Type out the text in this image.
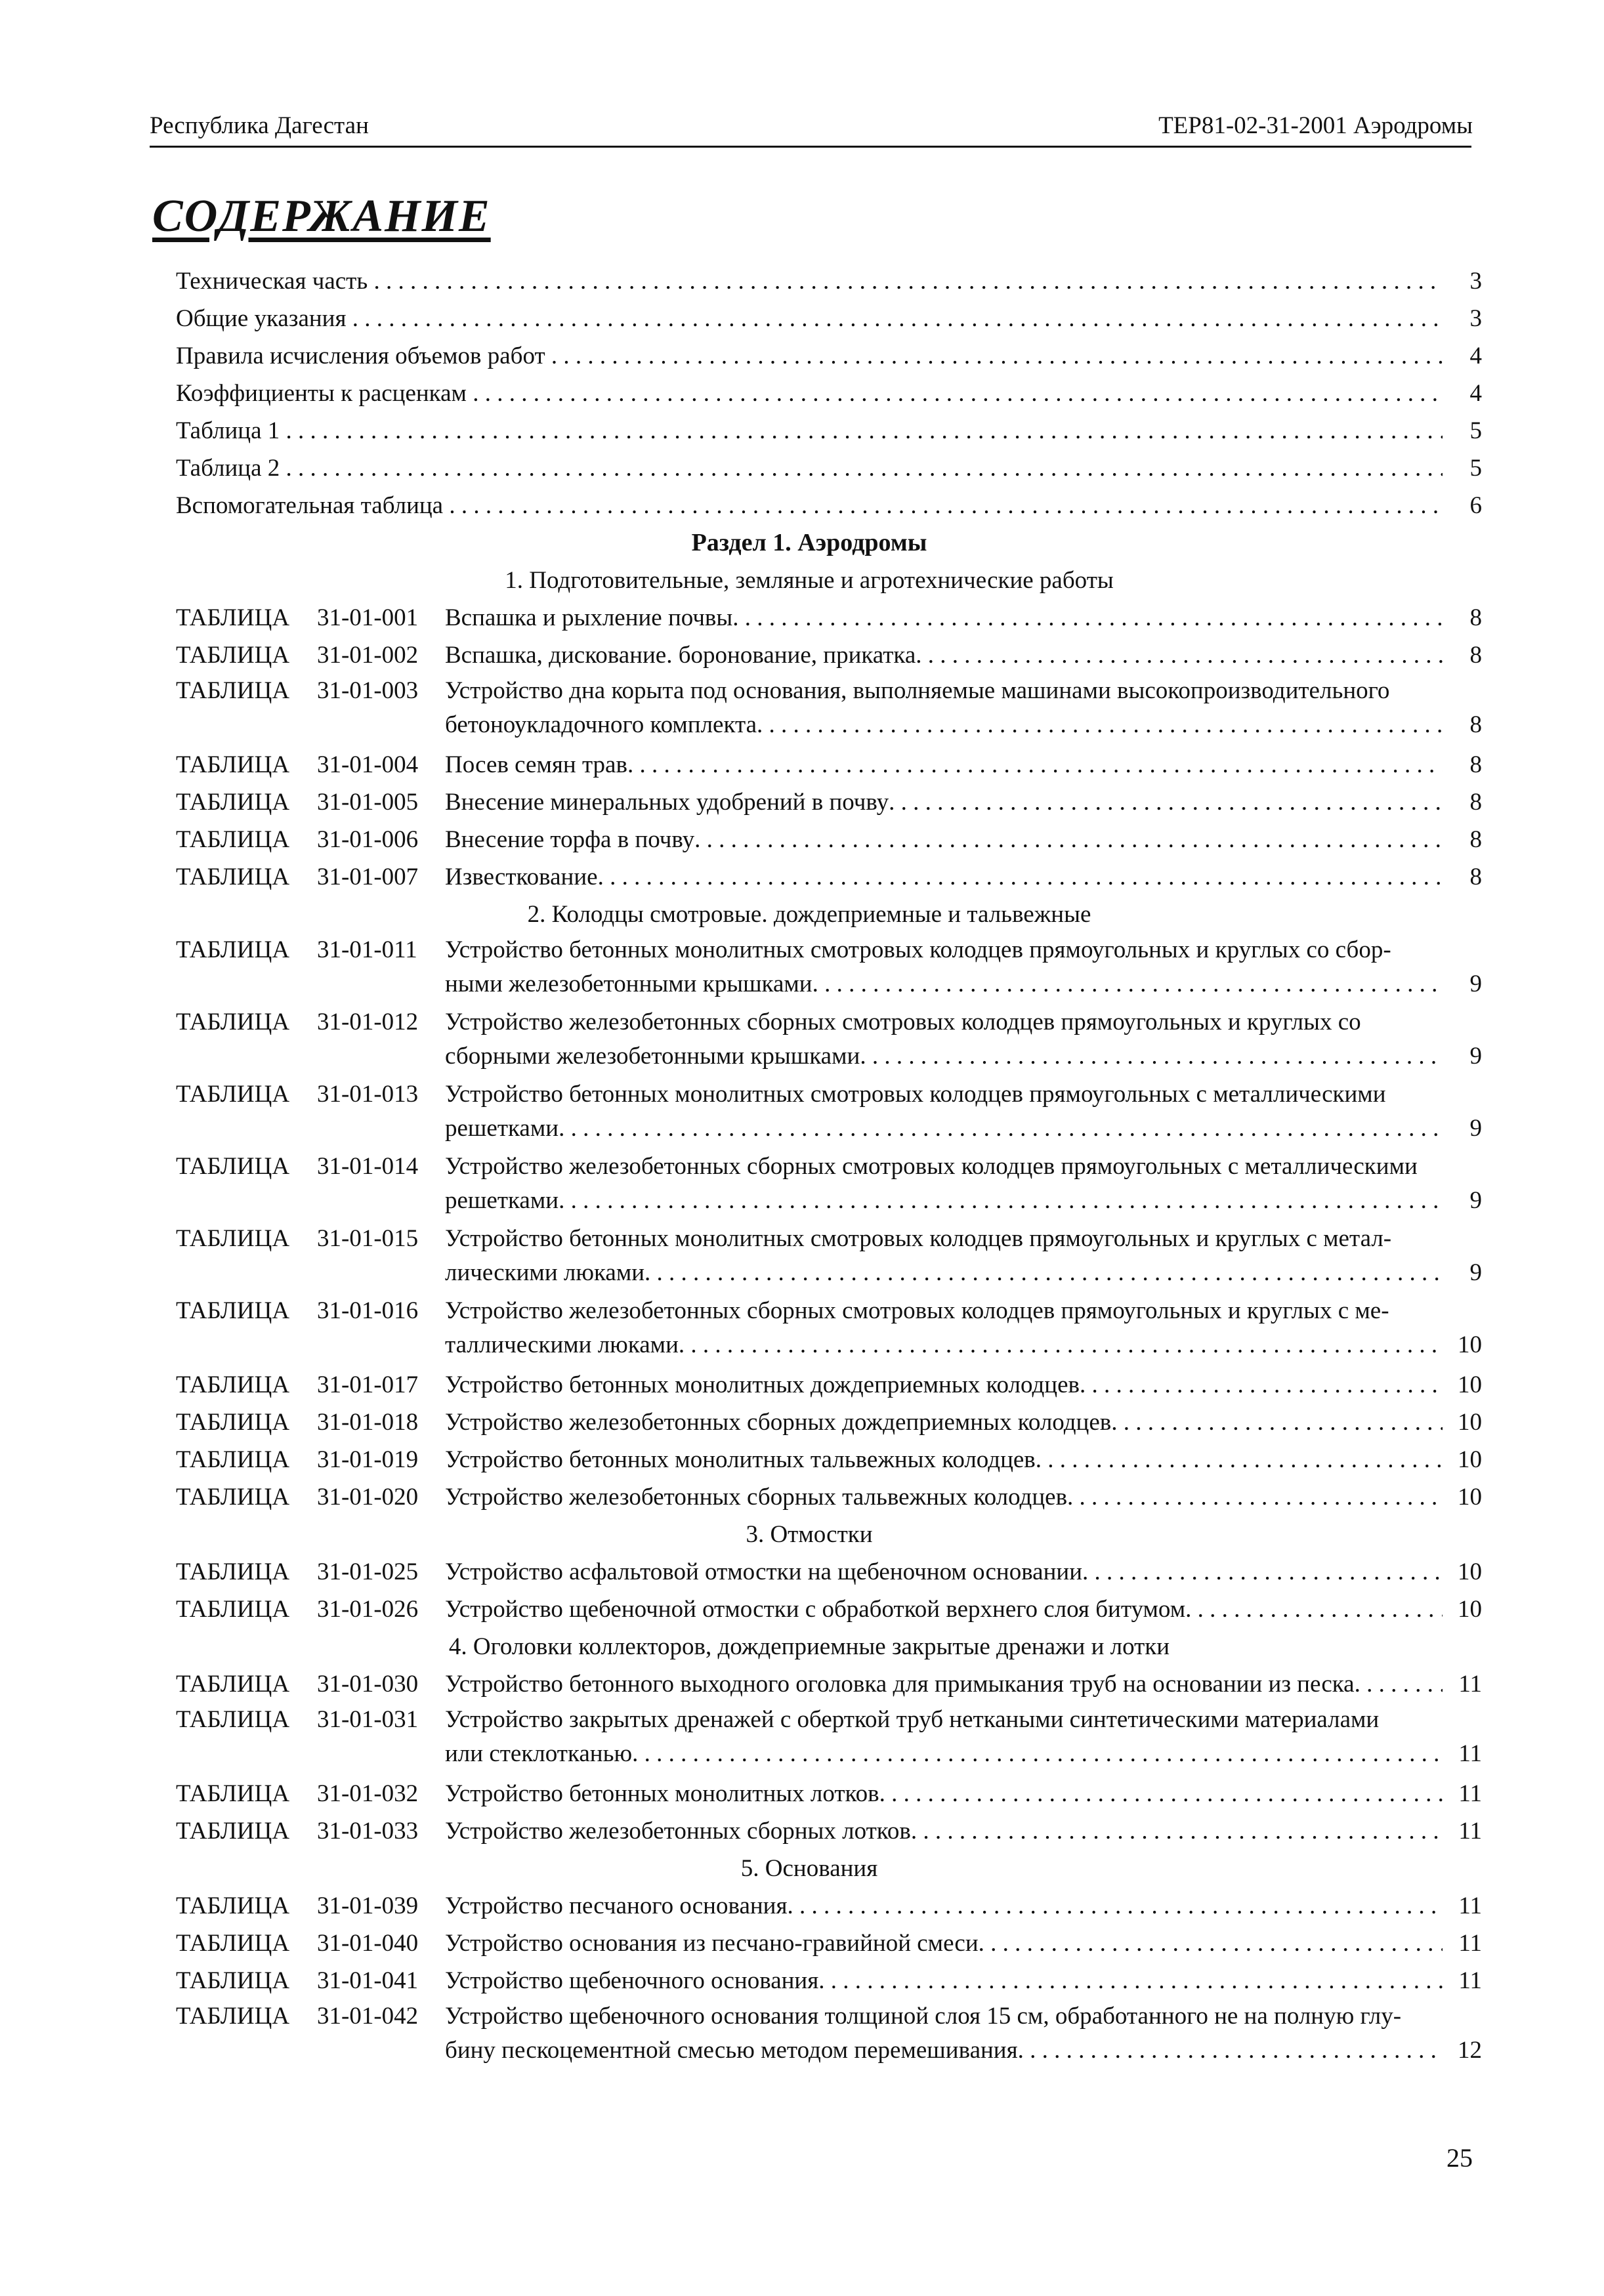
Республика Дагестан	ТЕР81-02-31-2001 Аэродромы
СОДЕРЖАНИЕ
Техническая часть . . .	3
Общие указания . . .	3
Правила исчисления объемов работ . . .	4
Коэффициенты к расценкам . . .	4
Таблица 1 . . .	5
Таблица 2 . . .	5
Вспомогательная таблица . . .	6
Раздел 1. Аэродромы
1. Подготовительные, земляные и агротехнические работы
ТАБЛИЦА	31-01-001	Вспашка и рыхление почвы . . .	8
ТАБЛИЦА	31-01-002	Вспашка, дискование. боронование, прикатка . . .	8
ТАБЛИЦА	31-01-003	Устройство дна корыта под основания, выполняемые машинами высокопроизводительного
бетоноукладочного комплекта . . .	8
ТАБЛИЦА	31-01-004	Посев семян трав . . .	8
ТАБЛИЦА	31-01-005	Внесение минеральных удобрений в почву . . .	8
ТАБЛИЦА	31-01-006	Внесение торфа в почву . . .	8
ТАБЛИЦА	31-01-007	Известкование . . .	8
2. Колодцы смотровые. дождеприемные и тальвежные
ТАБЛИЦА	31-01-011	Устройство бетонных монолитных смотровых колодцев прямоугольных и круглых со сбор-
ными железобетонными крышками . . .	9
ТАБЛИЦА	31-01-012	Устройство железобетонных сборных смотровых колодцев прямоугольных и круглых со
сборными железобетонными крышками . . .	9
ТАБЛИЦА	31-01-013	Устройство бетонных монолитных смотровых колодцев прямоугольных с металлическими
решетками . . .	9
ТАБЛИЦА	31-01-014	Устройство железобетонных сборных смотровых колодцев прямоугольных с металлическими
решетками . . .	9
ТАБЛИЦА	31-01-015	Устройство бетонных монолитных смотровых колодцев прямоугольных и круглых с метал-
лическими люками . . .	9
ТАБЛИЦА	31-01-016	Устройство железобетонных сборных смотровых колодцев прямоугольных и круглых с ме-
таллическими люками . . .	10
ТАБЛИЦА	31-01-017	Устройство бетонных монолитных дождеприемных колодцев . . .	10
ТАБЛИЦА	31-01-018	Устройство железобетонных сборных дождеприемных колодцев . . .	10
ТАБЛИЦА	31-01-019	Устройство бетонных монолитных тальвежных колодцев . . .	10
ТАБЛИЦА	31-01-020	Устройство железобетонных сборных тальвежных колодцев . . .	10
3. Отмостки
ТАБЛИЦА	31-01-025	Устройство асфальтовой отмостки на щебеночном основании . . .	10
ТАБЛИЦА	31-01-026	Устройство щебеночной отмостки с обработкой верхнего слоя битумом . . .	10
4. Оголовки коллекторов, дождеприемные закрытые дренажи и лотки
ТАБЛИЦА	31-01-030	Устройство бетонного выходного оголовка для примыкания труб на основании из песка . . .	11
ТАБЛИЦА	31-01-031	Устройство закрытых дренажей с оберткой труб неткаными синтетическими материалами
или стеклотканью . . .	11
ТАБЛИЦА	31-01-032	Устройство бетонных монолитных лотков . . .	11
ТАБЛИЦА	31-01-033	Устройство железобетонных сборных лотков . . .	11
5. Основания
ТАБЛИЦА	31-01-039	Устройство песчаного основания . . .	11
ТАБЛИЦА	31-01-040	Устройство основания из песчано-гравийной смеси . . .	11
ТАБЛИЦА	31-01-041	Устройство щебеночного основания . . .	11
ТАБЛИЦА	31-01-042	Устройство щебеночного основания толщиной слоя 15 см, обработанного не на полную глу-
бину пескоцементной смесью методом перемешивания . . .	12
25
